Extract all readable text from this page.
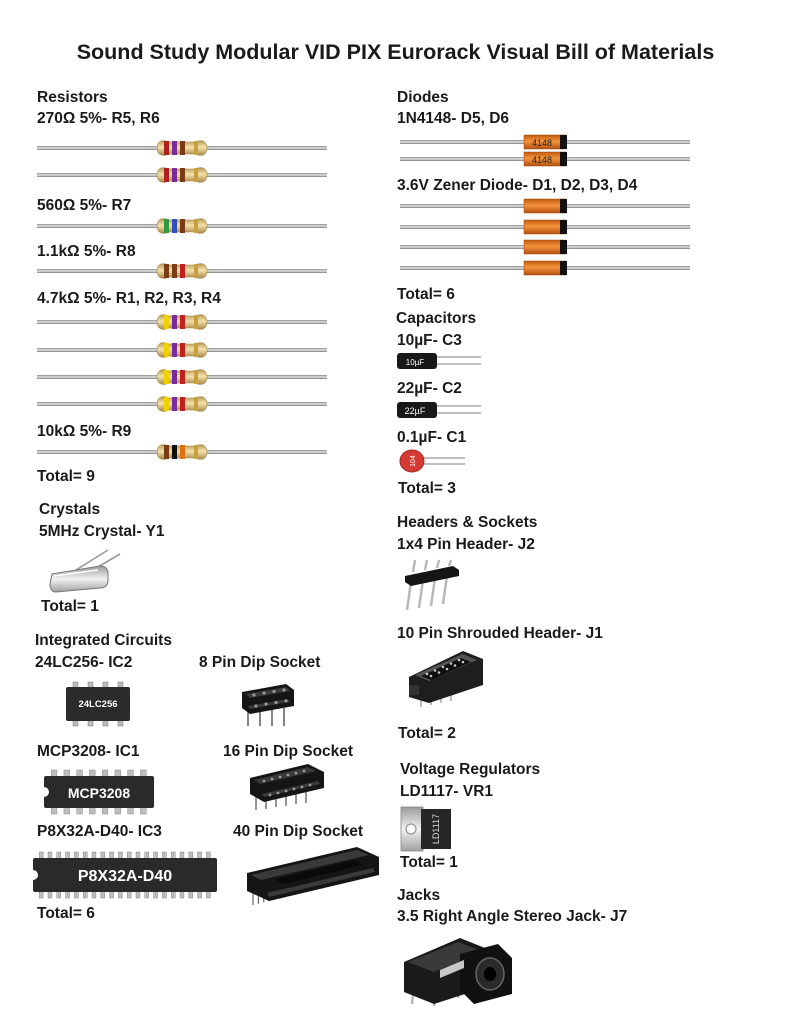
Sound Study Modular VID PIX Eurorack Visual Bill of Materials
Resistors
270Ω 5%- R5, R6
560Ω 5%- R7
1.1kΩ 5%- R8
4.7kΩ 5%- R1, R2, R3, R4
10kΩ 5%- R9
Total= 9
Crystals
5MHz Crystal- Y1
Total= 1
Integrated Circuits
24LC256- IC2	8 Pin Dip Socket
24LC256
MCP3208- IC1	16 Pin Dip Socket
MCP3208
P8X32A-D40- IC3	40 Pin Dip Socket
P8X32A-D40
Total= 6
Diodes
1N4148- D5, D6
4148
4148
3.6V Zener Diode- D1, D2, D3, D4
Total= 6
Capacitors
10µF- C3
10µF
22µF- C2
22µF
0.1µF- C1
104
Total= 3
Headers & Sockets
1x4 Pin Header- J2
10 Pin Shrouded Header- J1
Total= 2
Voltage Regulators
LD1117- VR1
LD1117
Total= 1
Jacks
3.5 Right Angle Stereo Jack- J7
